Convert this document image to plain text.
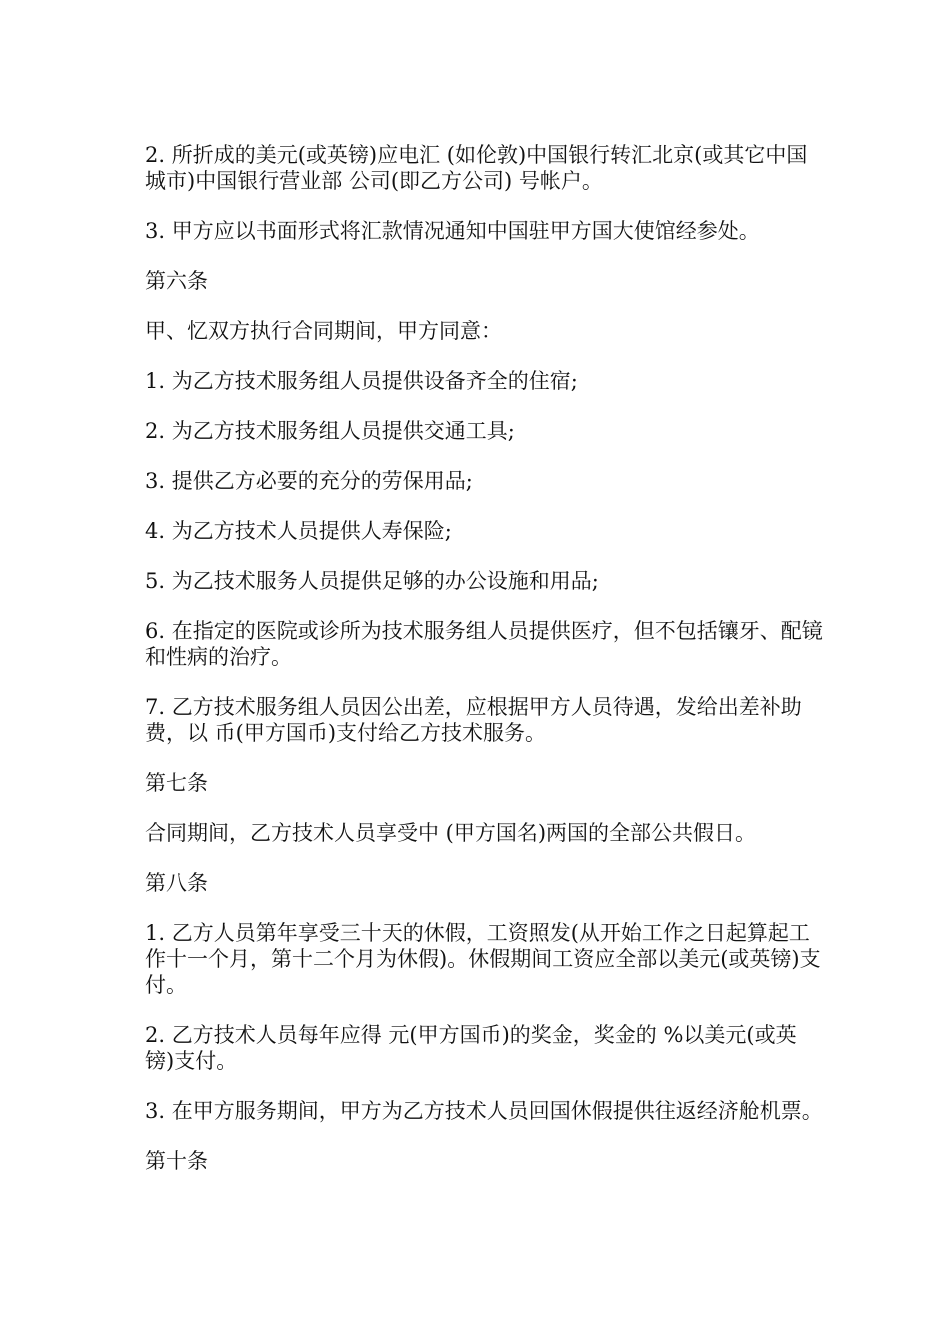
2. 所折成的美元(或英镑)应电汇 (如伦敦)中国银行转汇北京(或其它中国城市)中国银行营业部 公司(即乙方公司) 号帐户。

3. 甲方应以书面形式将汇款情况通知中国驻甲方国大使馆经参处。

第六条

甲、忆双方执行合同期间，甲方同意：

1. 为乙方技术服务组人员提供设备齐全的住宿;

2. 为乙方技术服务组人员提供交通工具;

3. 提供乙方必要的充分的劳保用品;

4. 为乙方技术人员提供人寿保险;

5. 为乙技术服务人员提供足够的办公设施和用品;

6. 在指定的医院或诊所为技术服务组人员提供医疗，但不包括镶牙、配镜和性病的治疗。

7. 乙方技术服务组人员因公出差，应根据甲方人员待遇，发给出差补助费，以 币(甲方国币)支付给乙方技术服务。

第七条

合同期间，乙方技术人员享受中 (甲方国名)两国的全部公共假日。

第八条

1. 乙方人员第年享受三十天的休假，工资照发(从开始工作之日起算起工作十一个月，第十二个月为休假)。休假期间工资应全部以美元(或英镑)支付。

2. 乙方技术人员每年应得 元(甲方国币)的奖金，奖金的 %以美元(或英镑)支付。

3. 在甲方服务期间，甲方为乙方技术人员回国休假提供往返经济舱机票。

第十条
